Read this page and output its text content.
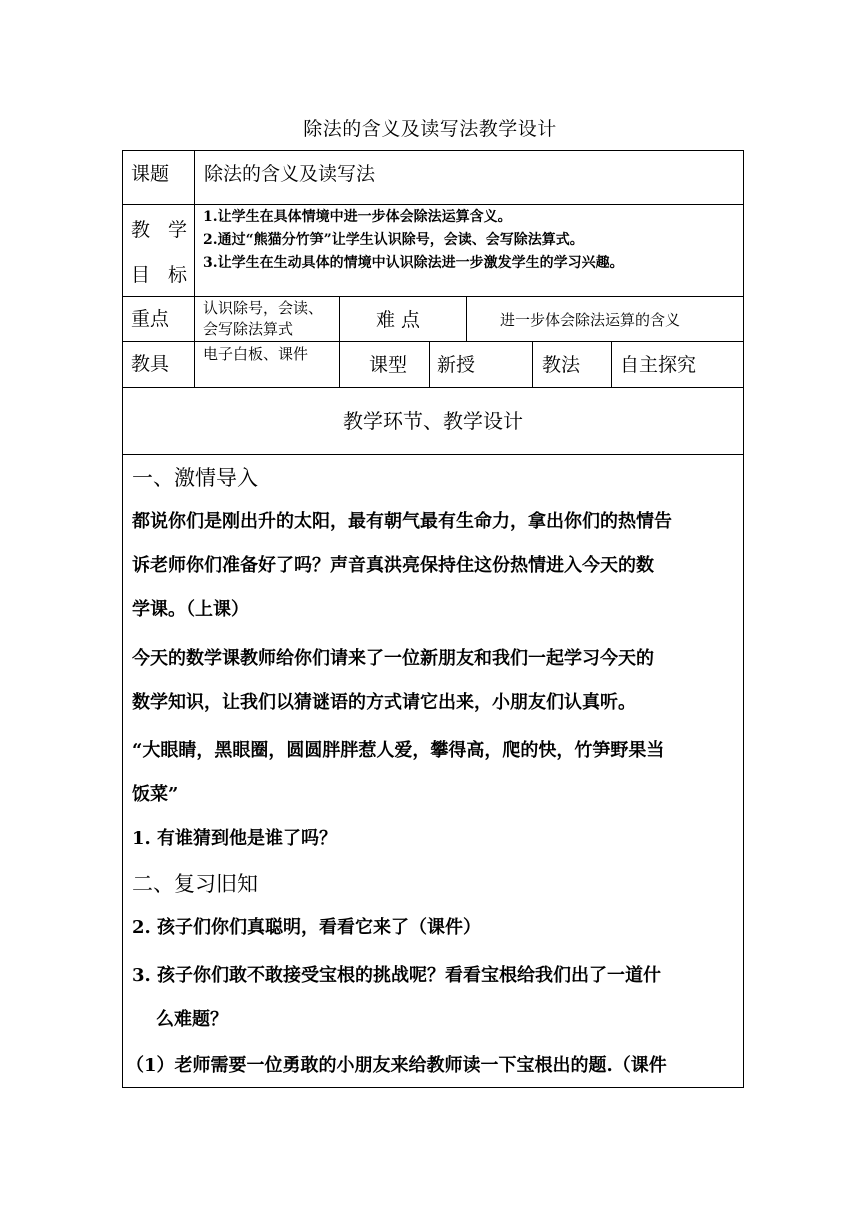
除法的含义及读写法教学设计
课题 除法的含义及读写法
教 学
目 标
1.让学生在具体情境中进一步体会除法运算含义。
2.通过“熊猫分竹笋”让学生认识除号，会读、会写除法算式。
3.让学生在生动具体的情境中认识除法进一步激发学生的学习兴趣。
重点 认识除号，会读、
会写除法算式	难 点	进一步体会除法运算的含义
教具 电子白板、课件	课型 新授	教法 自主探究
教学环节、教学设计
一、激情导入
都说你们是刚出升的太阳，最有朝气最有生命力，拿出你们的热情告
诉老师你们准备好了吗？声音真洪亮保持住这份热情进入今天的数
学课。（上课）
今天的数学课教师给你们请来了一位新朋友和我们一起学习今天的
数学知识，让我们以猜谜语的方式请它出来，小朋友们认真听。
“大眼睛，黑眼圈，圆圆胖胖惹人爱，攀得高，爬的快，竹笋野果当
饭菜”
1. 有谁猜到他是谁了吗？
二、复习旧知
2. 孩子们你们真聪明，看看它来了（课件）
3. 孩子你们敢不敢接受宝根的挑战呢？看看宝根给我们出了一道什
么难题？
（1）老师需要一位勇敢的小朋友来给教师读一下宝根出的题.（课件
